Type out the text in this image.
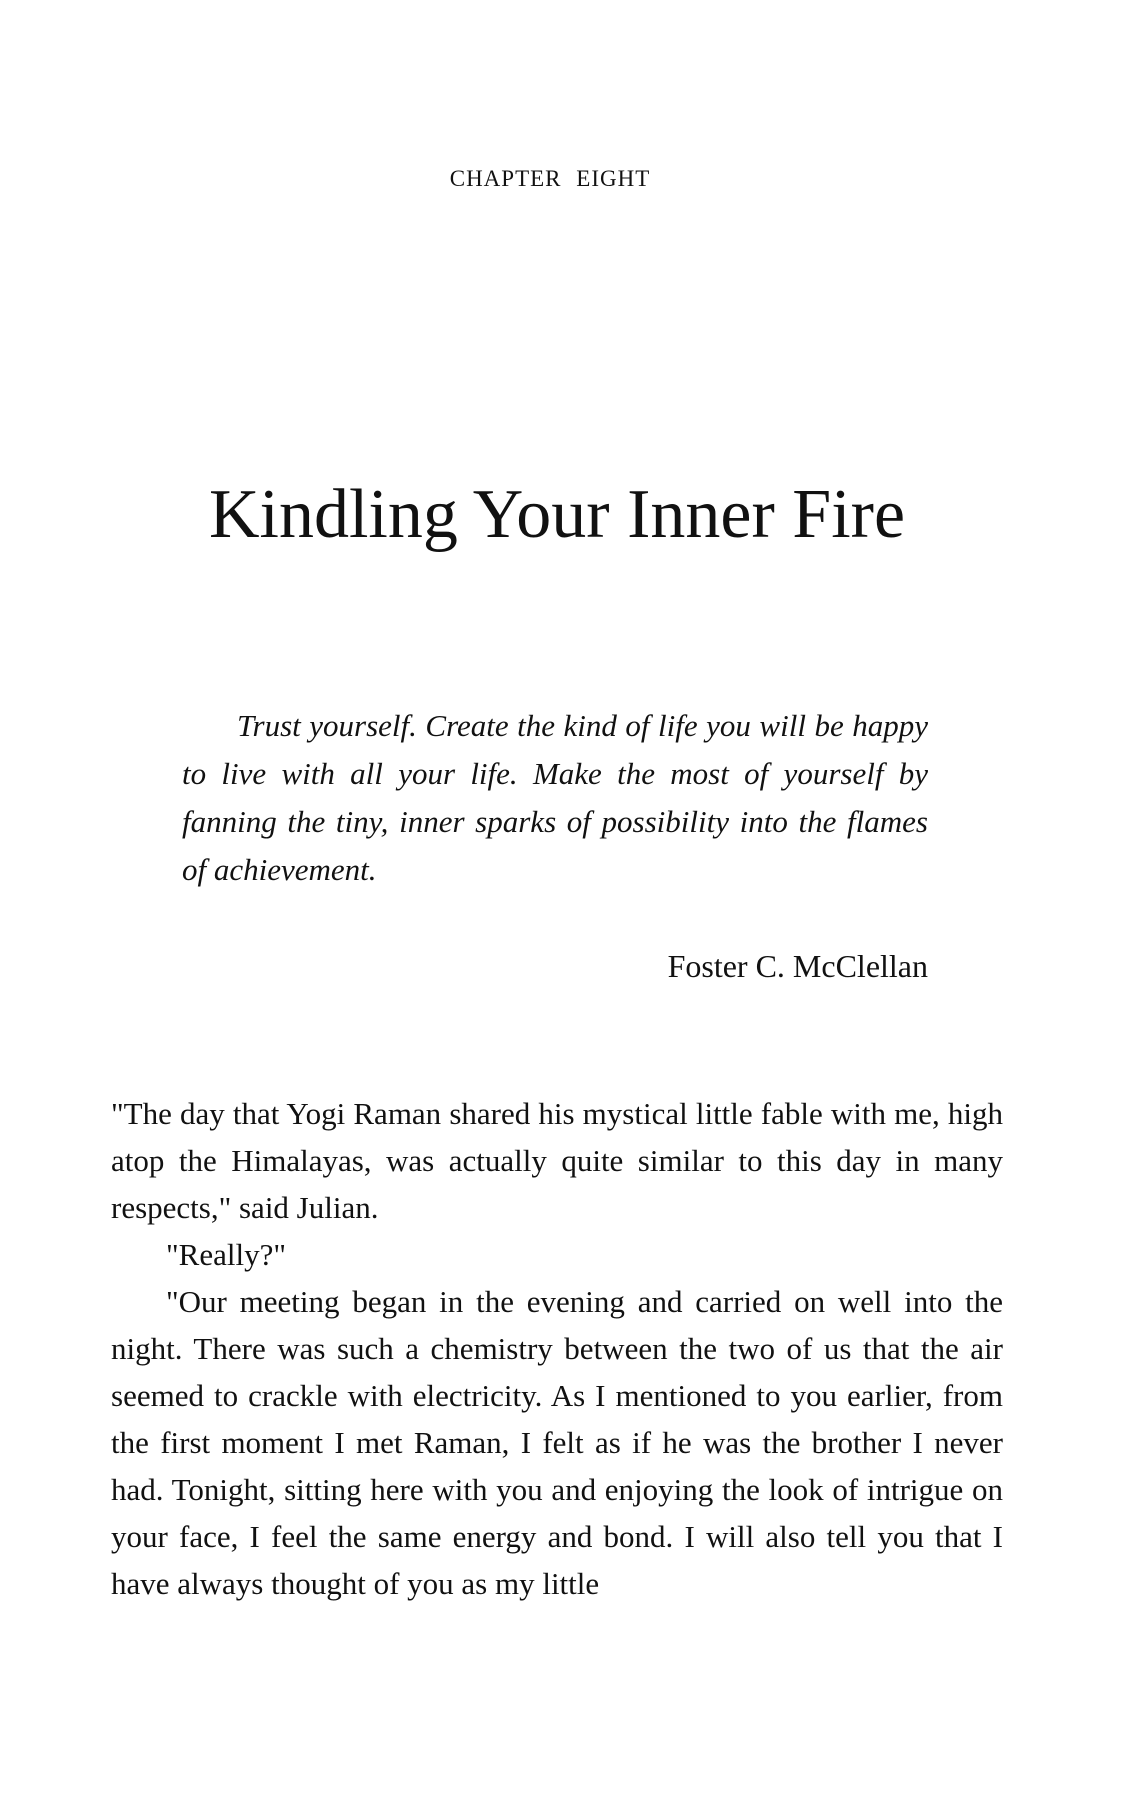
CHAPTER EIGHT
Kindling Your Inner Fire

Trust yourself. Create the kind of life you will be happy to live with all your life. Make the most of yourself by fanning the tiny, inner sparks of possibility into the flames of achievement.

Foster C. McClellan

"The day that Yogi Raman shared his mystical little fable with me, high atop the Himalayas, was actually quite similar to this day in many respects," said Julian.

"Really?"

"Our meeting began in the evening and carried on well into the night. There was such a chemistry between the two of us that the air seemed to crackle with electricity. As I mentioned to you earlier, from the first moment I met Raman, I felt as if he was the brother I never had. Tonight, sitting here with you and enjoying the look of intrigue on your face, I feel the same energy and bond. I will also tell you that I have always thought of you as my little
